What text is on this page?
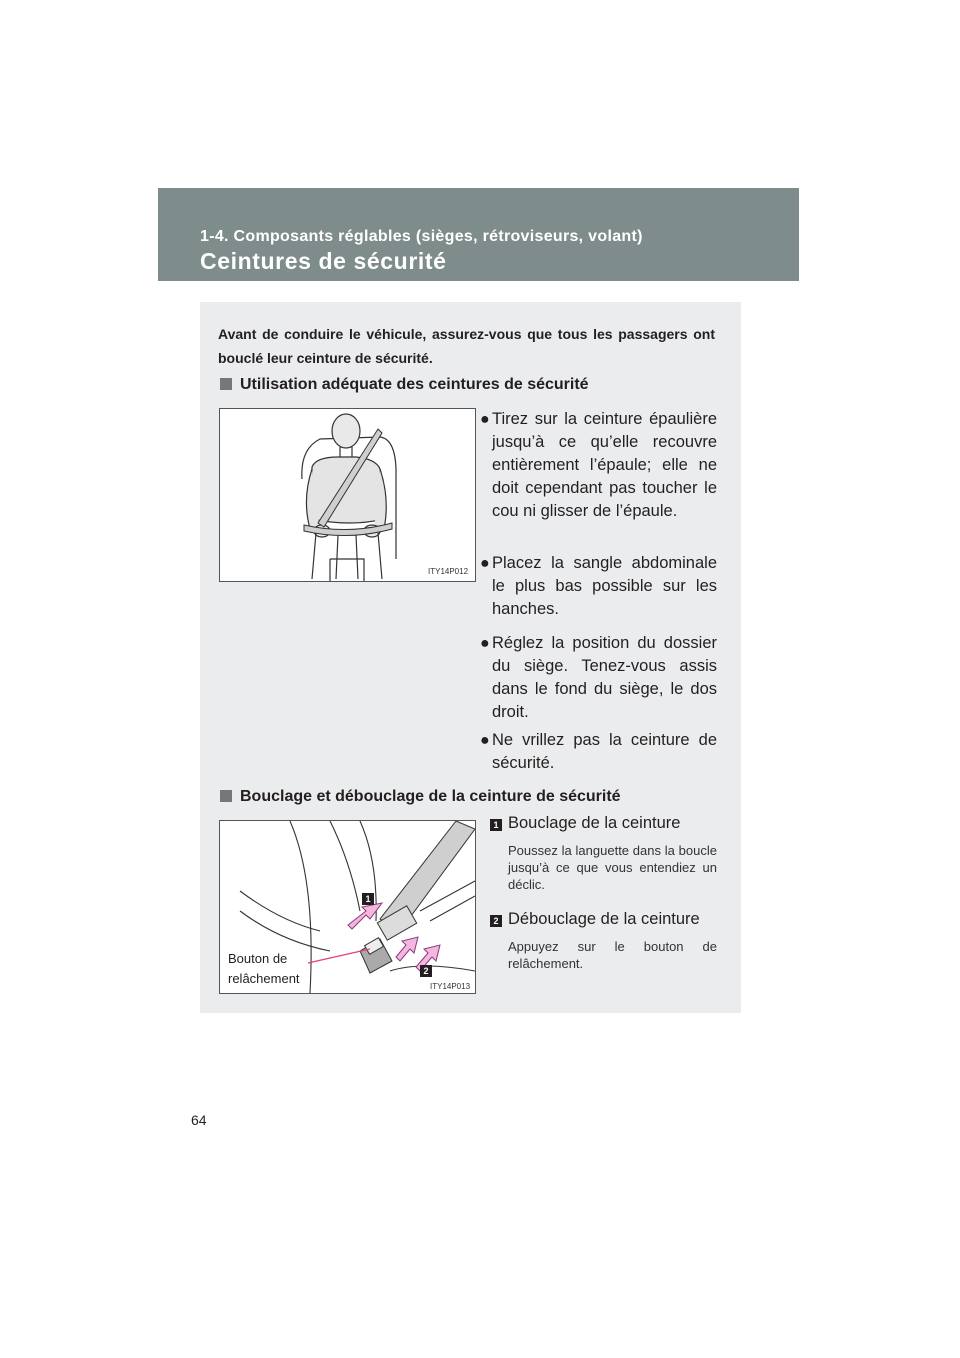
1-4. Composants réglables (sièges, rétroviseurs, volant)
Ceintures de sécurité
Avant de conduire le véhicule, assurez-vous que tous les passagers ont bouclé leur ceinture de sécurité.
Utilisation adéquate des ceintures de sécurité
ITY14P012
● Tirez sur la ceinture épaulière jusqu’à ce qu’elle recouvre entièrement l’épaule; elle ne doit cependant pas toucher le cou ni glisser de l’épaule.
● Placez la sangle abdominale le plus bas possible sur les hanches.
● Réglez la position du dossier du siège. Tenez-vous assis dans le fond du siège, le dos droit.
● Ne vrillez pas la ceinture de sécurité.
Bouclage et débouclage de la ceinture de sécurité
1
2
ITY14P013
Bouton de
relâchement
1 Bouclage de la ceinture
Poussez la languette dans la boucle jusqu’à ce que vous entendiez un déclic.
2 Débouclage de la ceinture
Appuyez sur le bouton de relâchement.
64
